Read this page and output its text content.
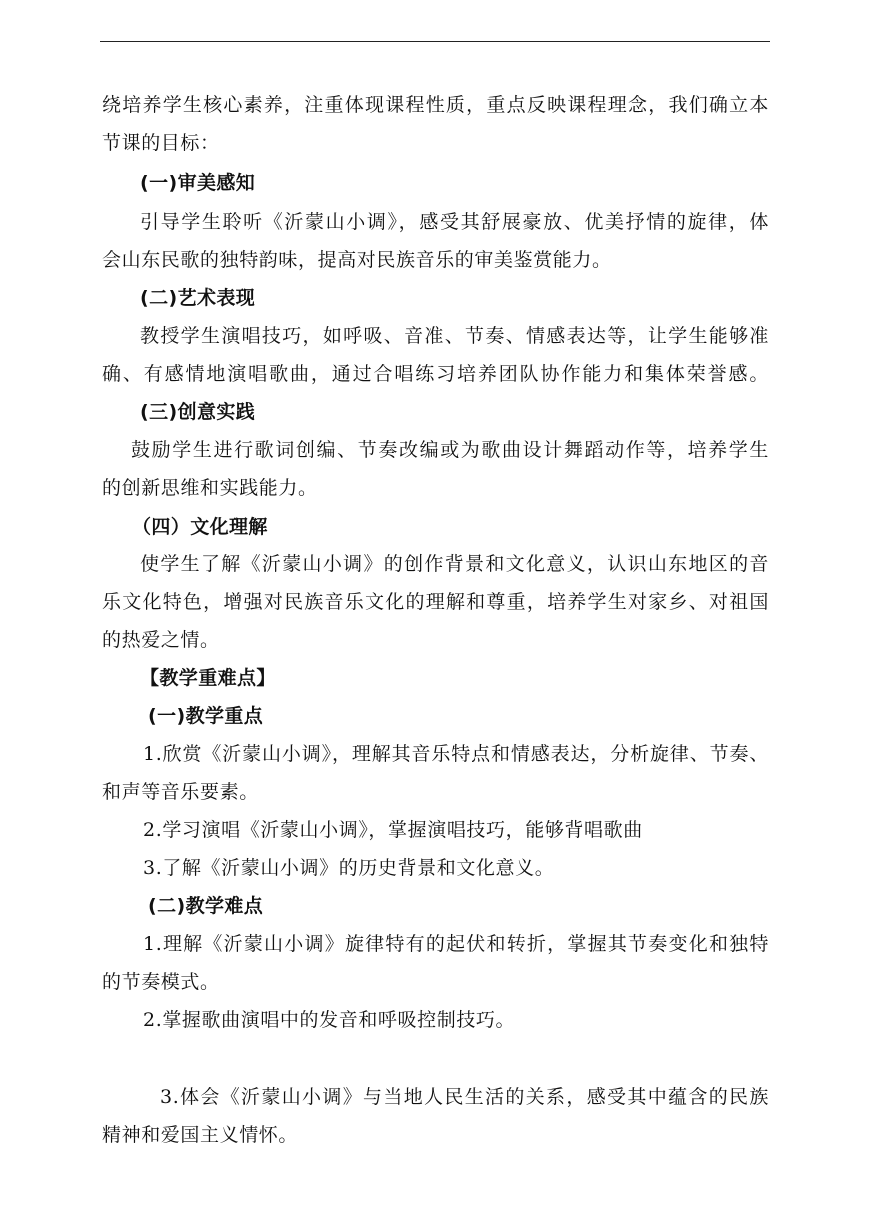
绕培养学生核心素养，注重体现课程性质，重点反映课程理念，我们确立本
节课的目标：
(一)审美感知
引导学生聆听《沂蒙山小调》，感受其舒展豪放、优美抒情的旋律，体
会山东民歌的独特韵味，提高对民族音乐的审美鉴赏能力。
(二)艺术表现
教授学生演唱技巧，如呼吸、音准、节奏、情感表达等，让学生能够准
确、有感情地演唱歌曲，通过合唱练习培养团队协作能力和集体荣誉感。
(三)创意实践
鼓励学生进行歌词创编、节奏改编或为歌曲设计舞蹈动作等，培养学生
的创新思维和实践能力。
（四）文化理解
使学生了解《沂蒙山小调》的创作背景和文化意义，认识山东地区的音
乐文化特色，增强对民族音乐文化的理解和尊重，培养学生对家乡、对祖国
的热爱之情。
【教学重难点】
(一)教学重点
1.欣赏《沂蒙山小调》，理解其音乐特点和情感表达，分析旋律、节奏、
和声等音乐要素。
2.学习演唱《沂蒙山小调》，掌握演唱技巧，能够背唱歌曲
3.了解《沂蒙山小调》的历史背景和文化意义。
(二)教学难点
1.理解《沂蒙山小调》旋律特有的起伏和转折，掌握其节奏变化和独特
的节奏模式。
2.掌握歌曲演唱中的发音和呼吸控制技巧。
3.体会《沂蒙山小调》与当地人民生活的关系，感受其中蕴含的民族
精神和爱国主义情怀。
